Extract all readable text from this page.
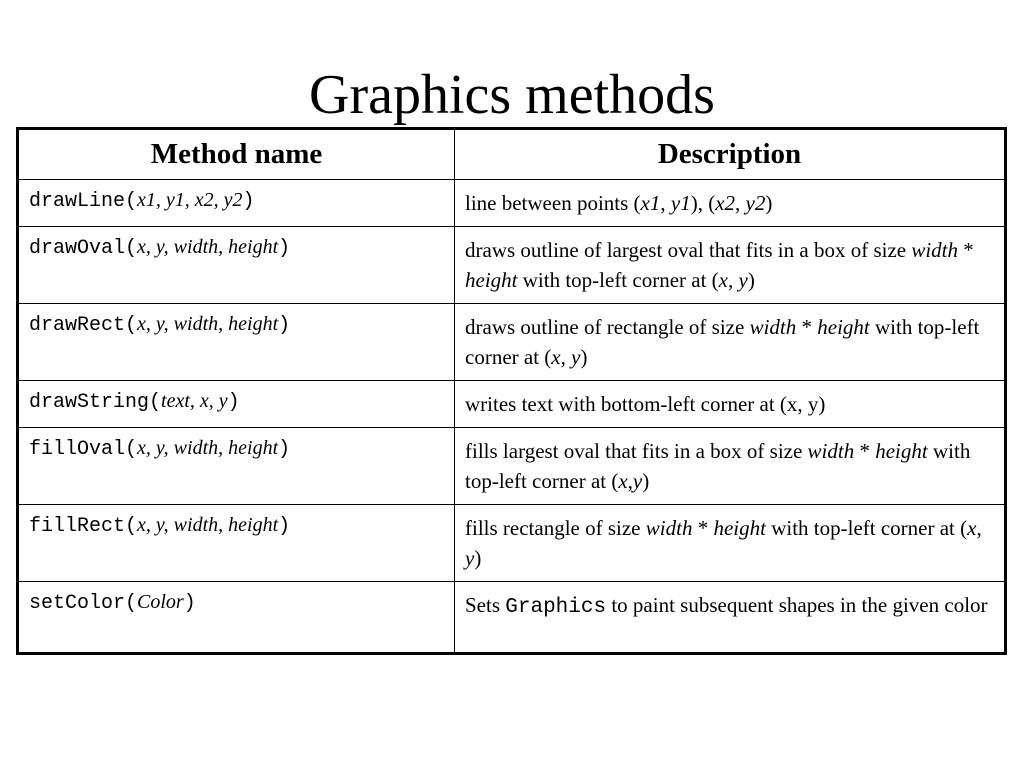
Graphics methods
Method name	Description
drawLine(x1, y1, x2, y2)	line between points (x1, y1), (x2, y2)
drawOval(x, y, width, height)	draws outline of largest oval that fits in a box of size width * height with top-left corner at (x, y)
drawRect(x, y, width, height)	draws outline of rectangle of size width * height with top-left corner at (x, y)
drawString(text, x, y)	writes text with bottom-left corner at (x, y)
fillOval(x, y, width, height)	fills largest oval that fits in a box of size width * height with top-left corner at (x,y)
fillRect(x, y, width, height)	fills rectangle of size width * height with top-left corner at (x, y)
setColor(Color)	Sets Graphics to paint subsequent shapes in the given color
